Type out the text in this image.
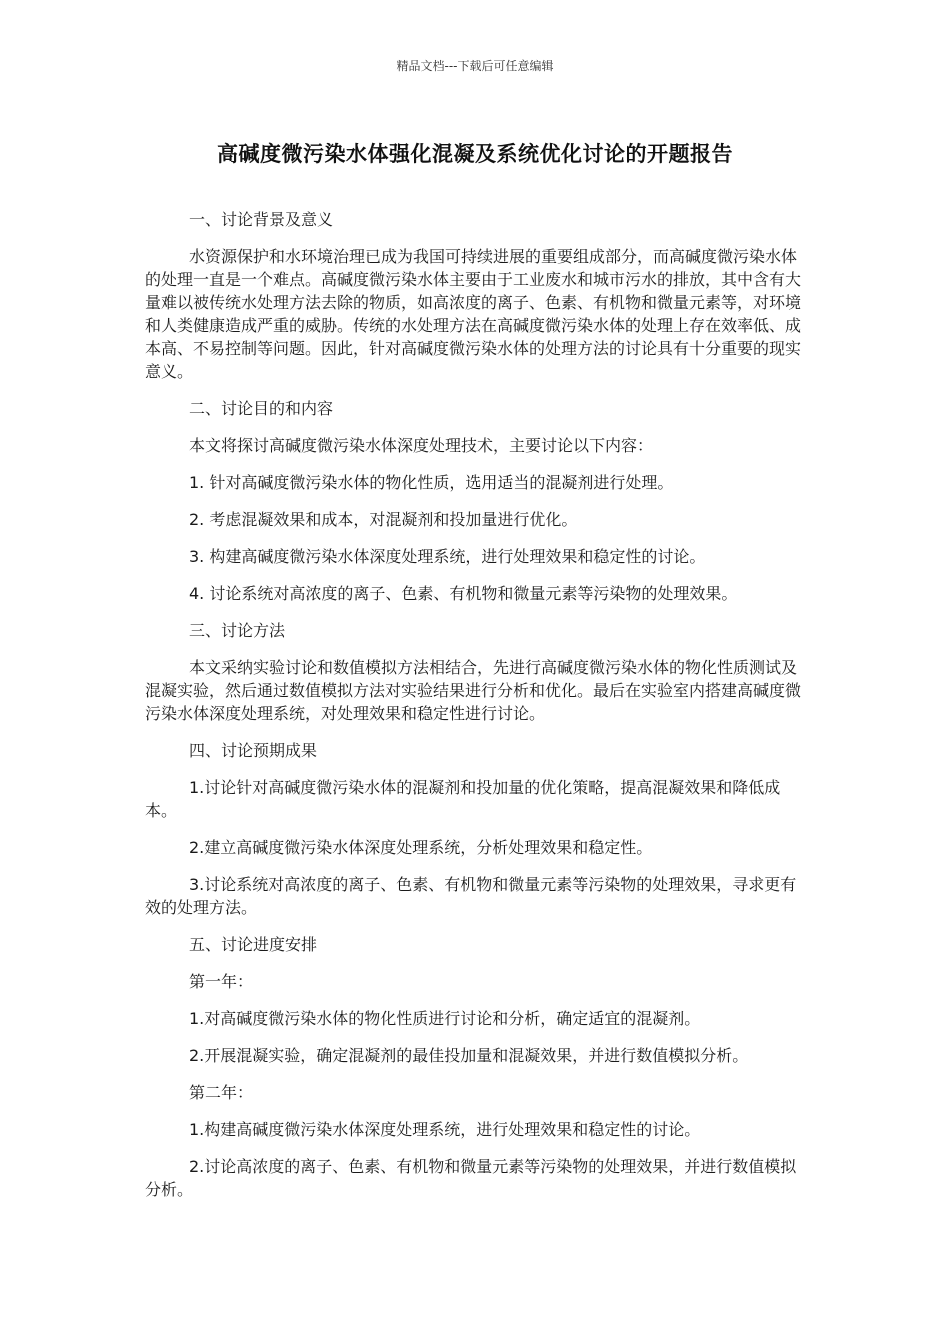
精品文档---下载后可任意编辑
高碱度微污染水体强化混凝及系统优化讨论的开题报告

一、讨论背景及意义

水资源保护和水环境治理已成为我国可持续进展的重要组成部分，而高碱度微污染水体的处理一直是一个难点。高碱度微污染水体主要由于工业废水和城市污水的排放，其中含有大量难以被传统水处理方法去除的物质，如高浓度的离子、色素、有机物和微量元素等，对环境和人类健康造成严重的威胁。传统的水处理方法在高碱度微污染水体的处理上存在效率低、成本高、不易控制等问题。因此，针对高碱度微污染水体的处理方法的讨论具有十分重要的现实意义。

二、讨论目的和内容

本文将探讨高碱度微污染水体深度处理技术，主要讨论以下内容：

1. 针对高碱度微污染水体的物化性质，选用适当的混凝剂进行处理。

2. 考虑混凝效果和成本，对混凝剂和投加量进行优化。

3. 构建高碱度微污染水体深度处理系统，进行处理效果和稳定性的讨论。

4. 讨论系统对高浓度的离子、色素、有机物和微量元素等污染物的处理效果。

三、讨论方法

本文采纳实验讨论和数值模拟方法相结合，先进行高碱度微污染水体的物化性质测试及混凝实验，然后通过数值模拟方法对实验结果进行分析和优化。最后在实验室内搭建高碱度微污染水体深度处理系统，对处理效果和稳定性进行讨论。

四、讨论预期成果

1.讨论针对高碱度微污染水体的混凝剂和投加量的优化策略，提高混凝效果和降低成本。

2.建立高碱度微污染水体深度处理系统，分析处理效果和稳定性。

3.讨论系统对高浓度的离子、色素、有机物和微量元素等污染物的处理效果，寻求更有效的处理方法。

五、讨论进度安排

第一年：

1.对高碱度微污染水体的物化性质进行讨论和分析，确定适宜的混凝剂。

2.开展混凝实验，确定混凝剂的最佳投加量和混凝效果，并进行数值模拟分析。

第二年：

1.构建高碱度微污染水体深度处理系统，进行处理效果和稳定性的讨论。

2.讨论高浓度的离子、色素、有机物和微量元素等污染物的处理效果，并进行数值模拟分析。
